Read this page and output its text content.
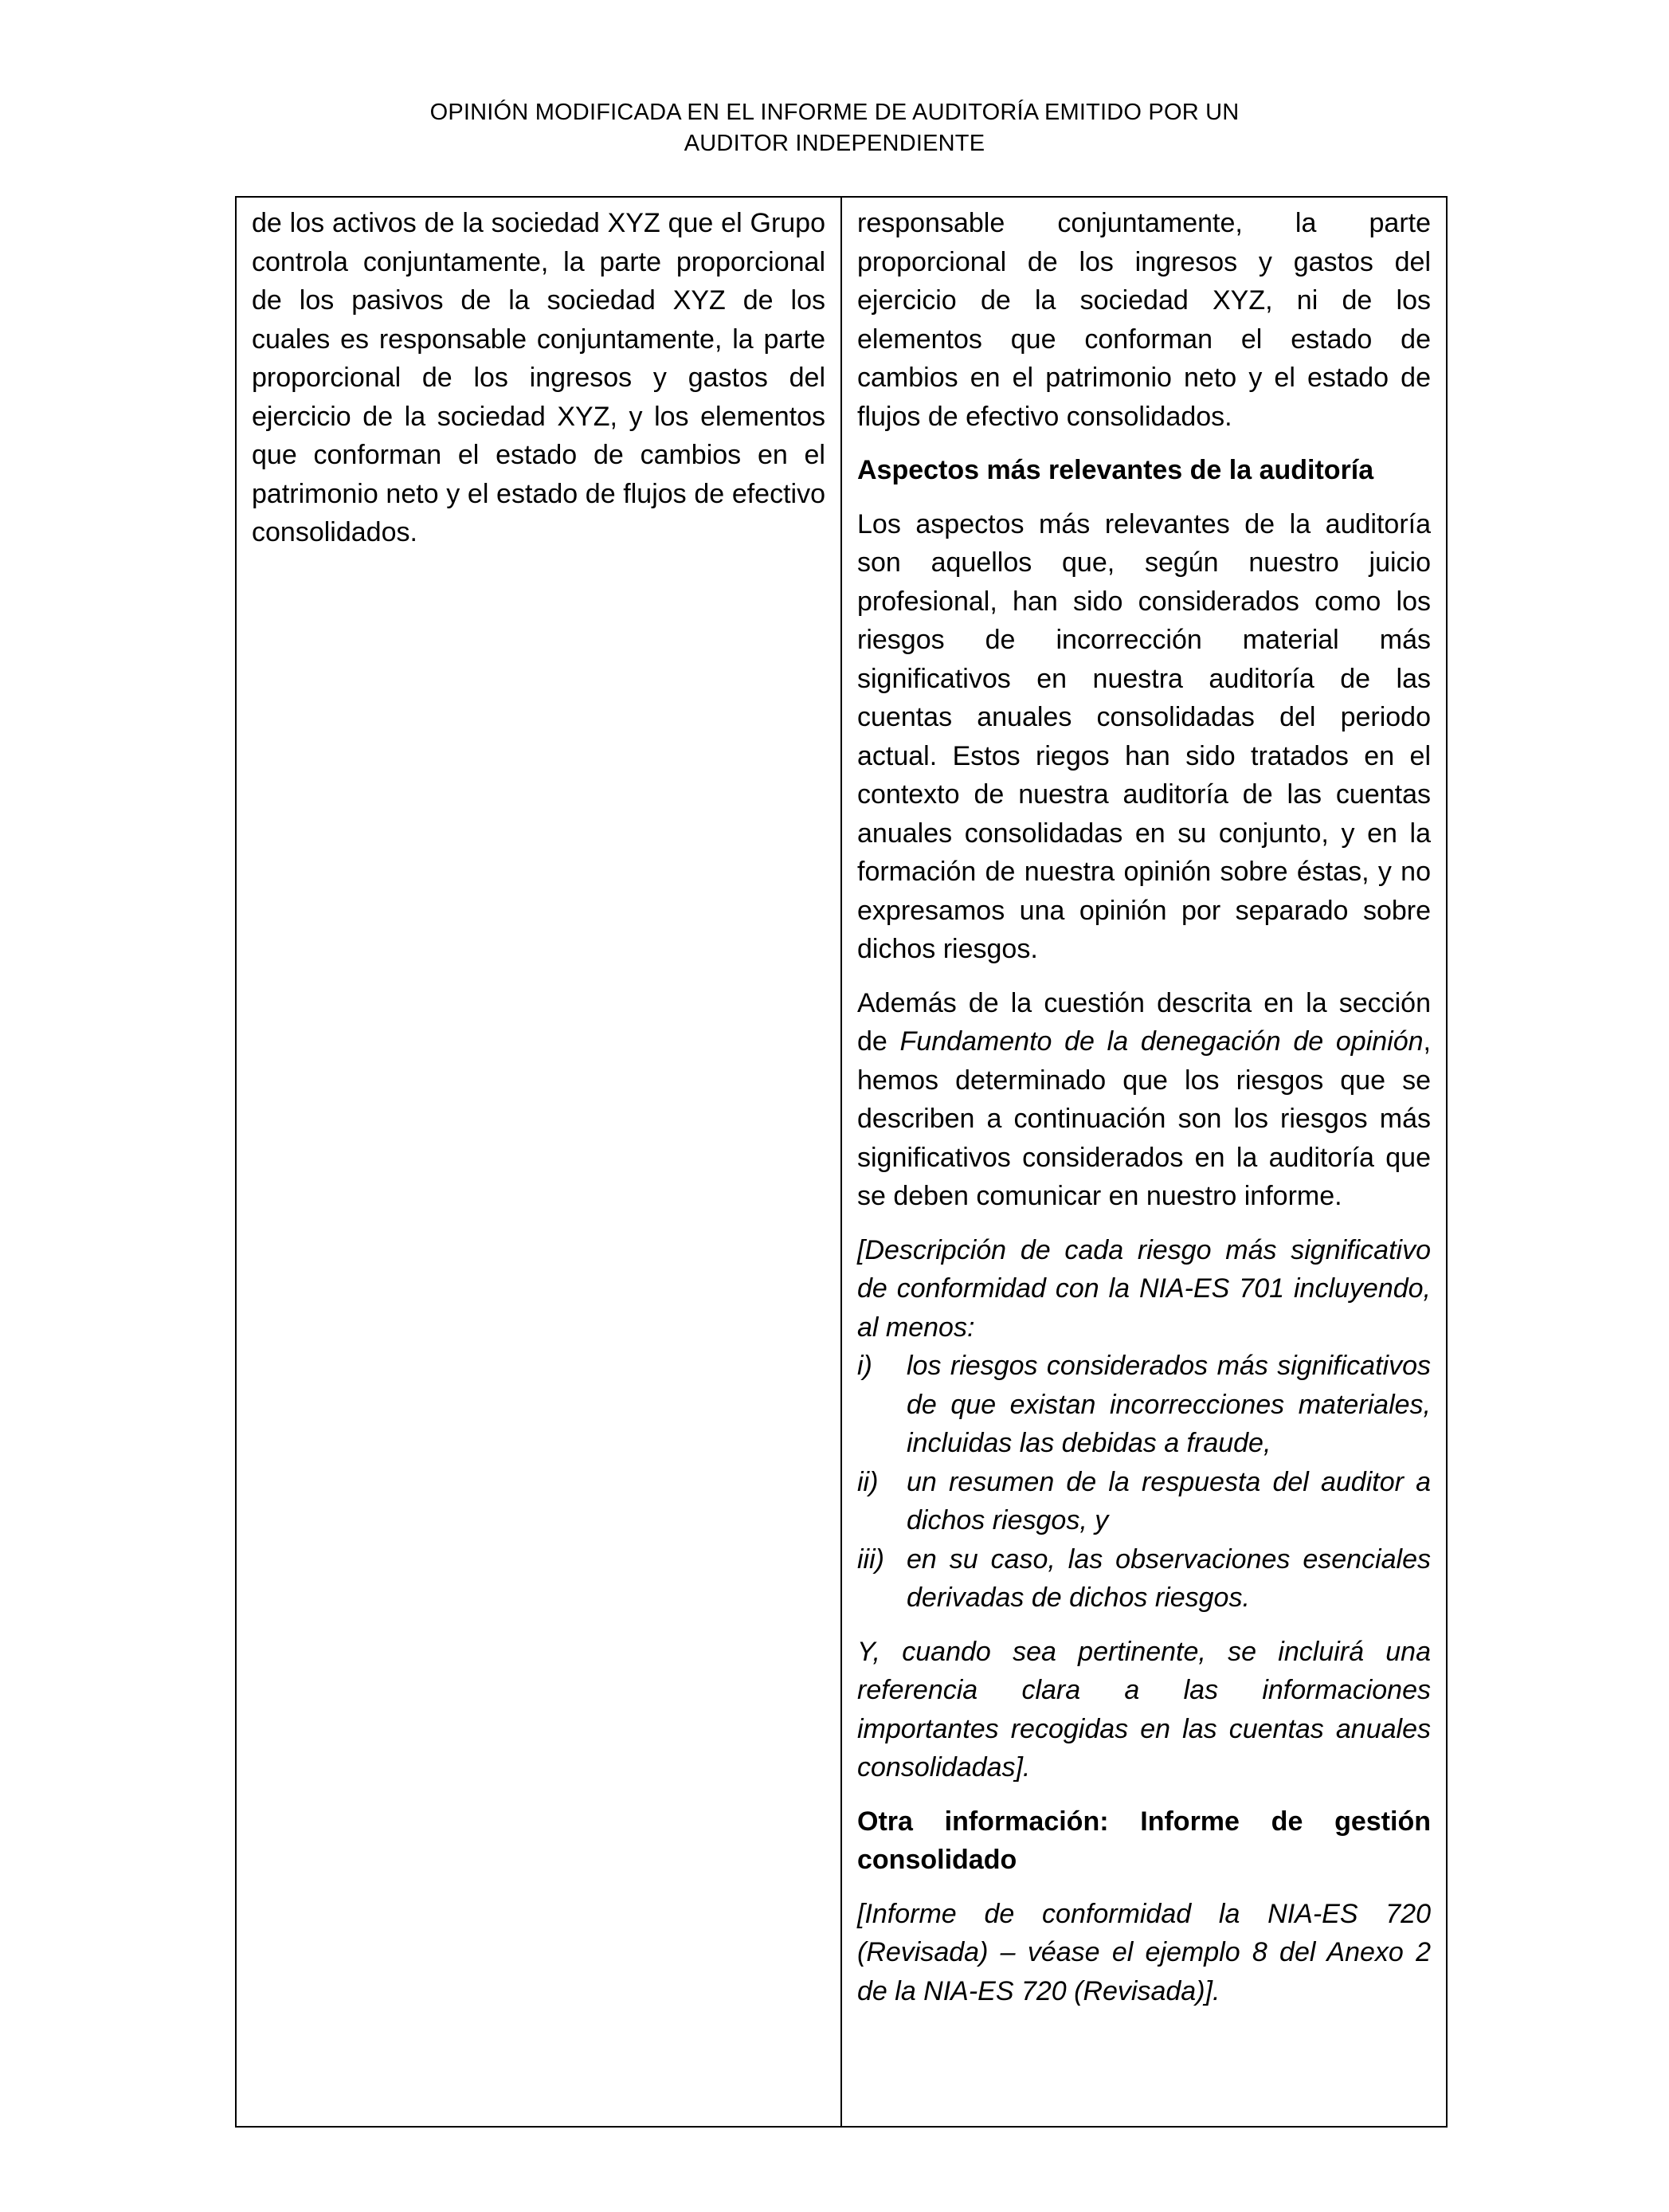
OPINIÓN MODIFICADA EN EL INFORME DE AUDITORÍA EMITIDO POR UN
AUDITOR INDEPENDIENTE

de los activos de la sociedad XYZ que el Grupo controla conjuntamente, la parte proporcional de los pasivos de la sociedad XYZ de los cuales es responsable conjuntamente, la parte proporcional de los ingresos y gastos del ejercicio de la sociedad XYZ, y los elementos que conforman el estado de cambios en el patrimonio neto y el estado de flujos de efectivo consolidados.

responsable conjuntamente, la parte proporcional de los ingresos y gastos del ejercicio de la sociedad XYZ, ni de los elementos que conforman el estado de cambios en el patrimonio neto y el estado de flujos de efectivo consolidados.

Aspectos más relevantes de la auditoría

Los aspectos más relevantes de la auditoría son aquellos que, según nuestro juicio profesional, han sido considerados como los riesgos de incorrección material más significativos en nuestra auditoría de las cuentas anuales consolidadas del periodo actual. Estos riegos han sido tratados en el contexto de nuestra auditoría de las cuentas anuales consolidadas en su conjunto, y en la formación de nuestra opinión sobre éstas, y no expresamos una opinión por separado sobre dichos riesgos.

Además de la cuestión descrita en la sección de Fundamento de la denegación de opinión, hemos determinado que los riesgos que se describen a continuación son los riesgos más significativos considerados en la auditoría que se deben comunicar en nuestro informe.

[Descripción de cada riesgo más significativo de conformidad con la NIA-ES 701 incluyendo, al menos:

i)	los riesgos considerados más significativos de que existan incorrecciones materiales, incluidas las debidas a fraude,
ii)	un resumen de la respuesta del auditor a dichos riesgos, y
iii) en su caso, las observaciones esenciales derivadas de dichos riesgos.

Y, cuando sea pertinente, se incluirá una referencia clara a las informaciones importantes recogidas en las cuentas anuales consolidadas].

Otra información: Informe de gestión consolidado

[Informe de conformidad la NIA-ES 720 (Revisada) – véase el ejemplo 8 del Anexo 2 de la NIA-ES 720 (Revisada)].
